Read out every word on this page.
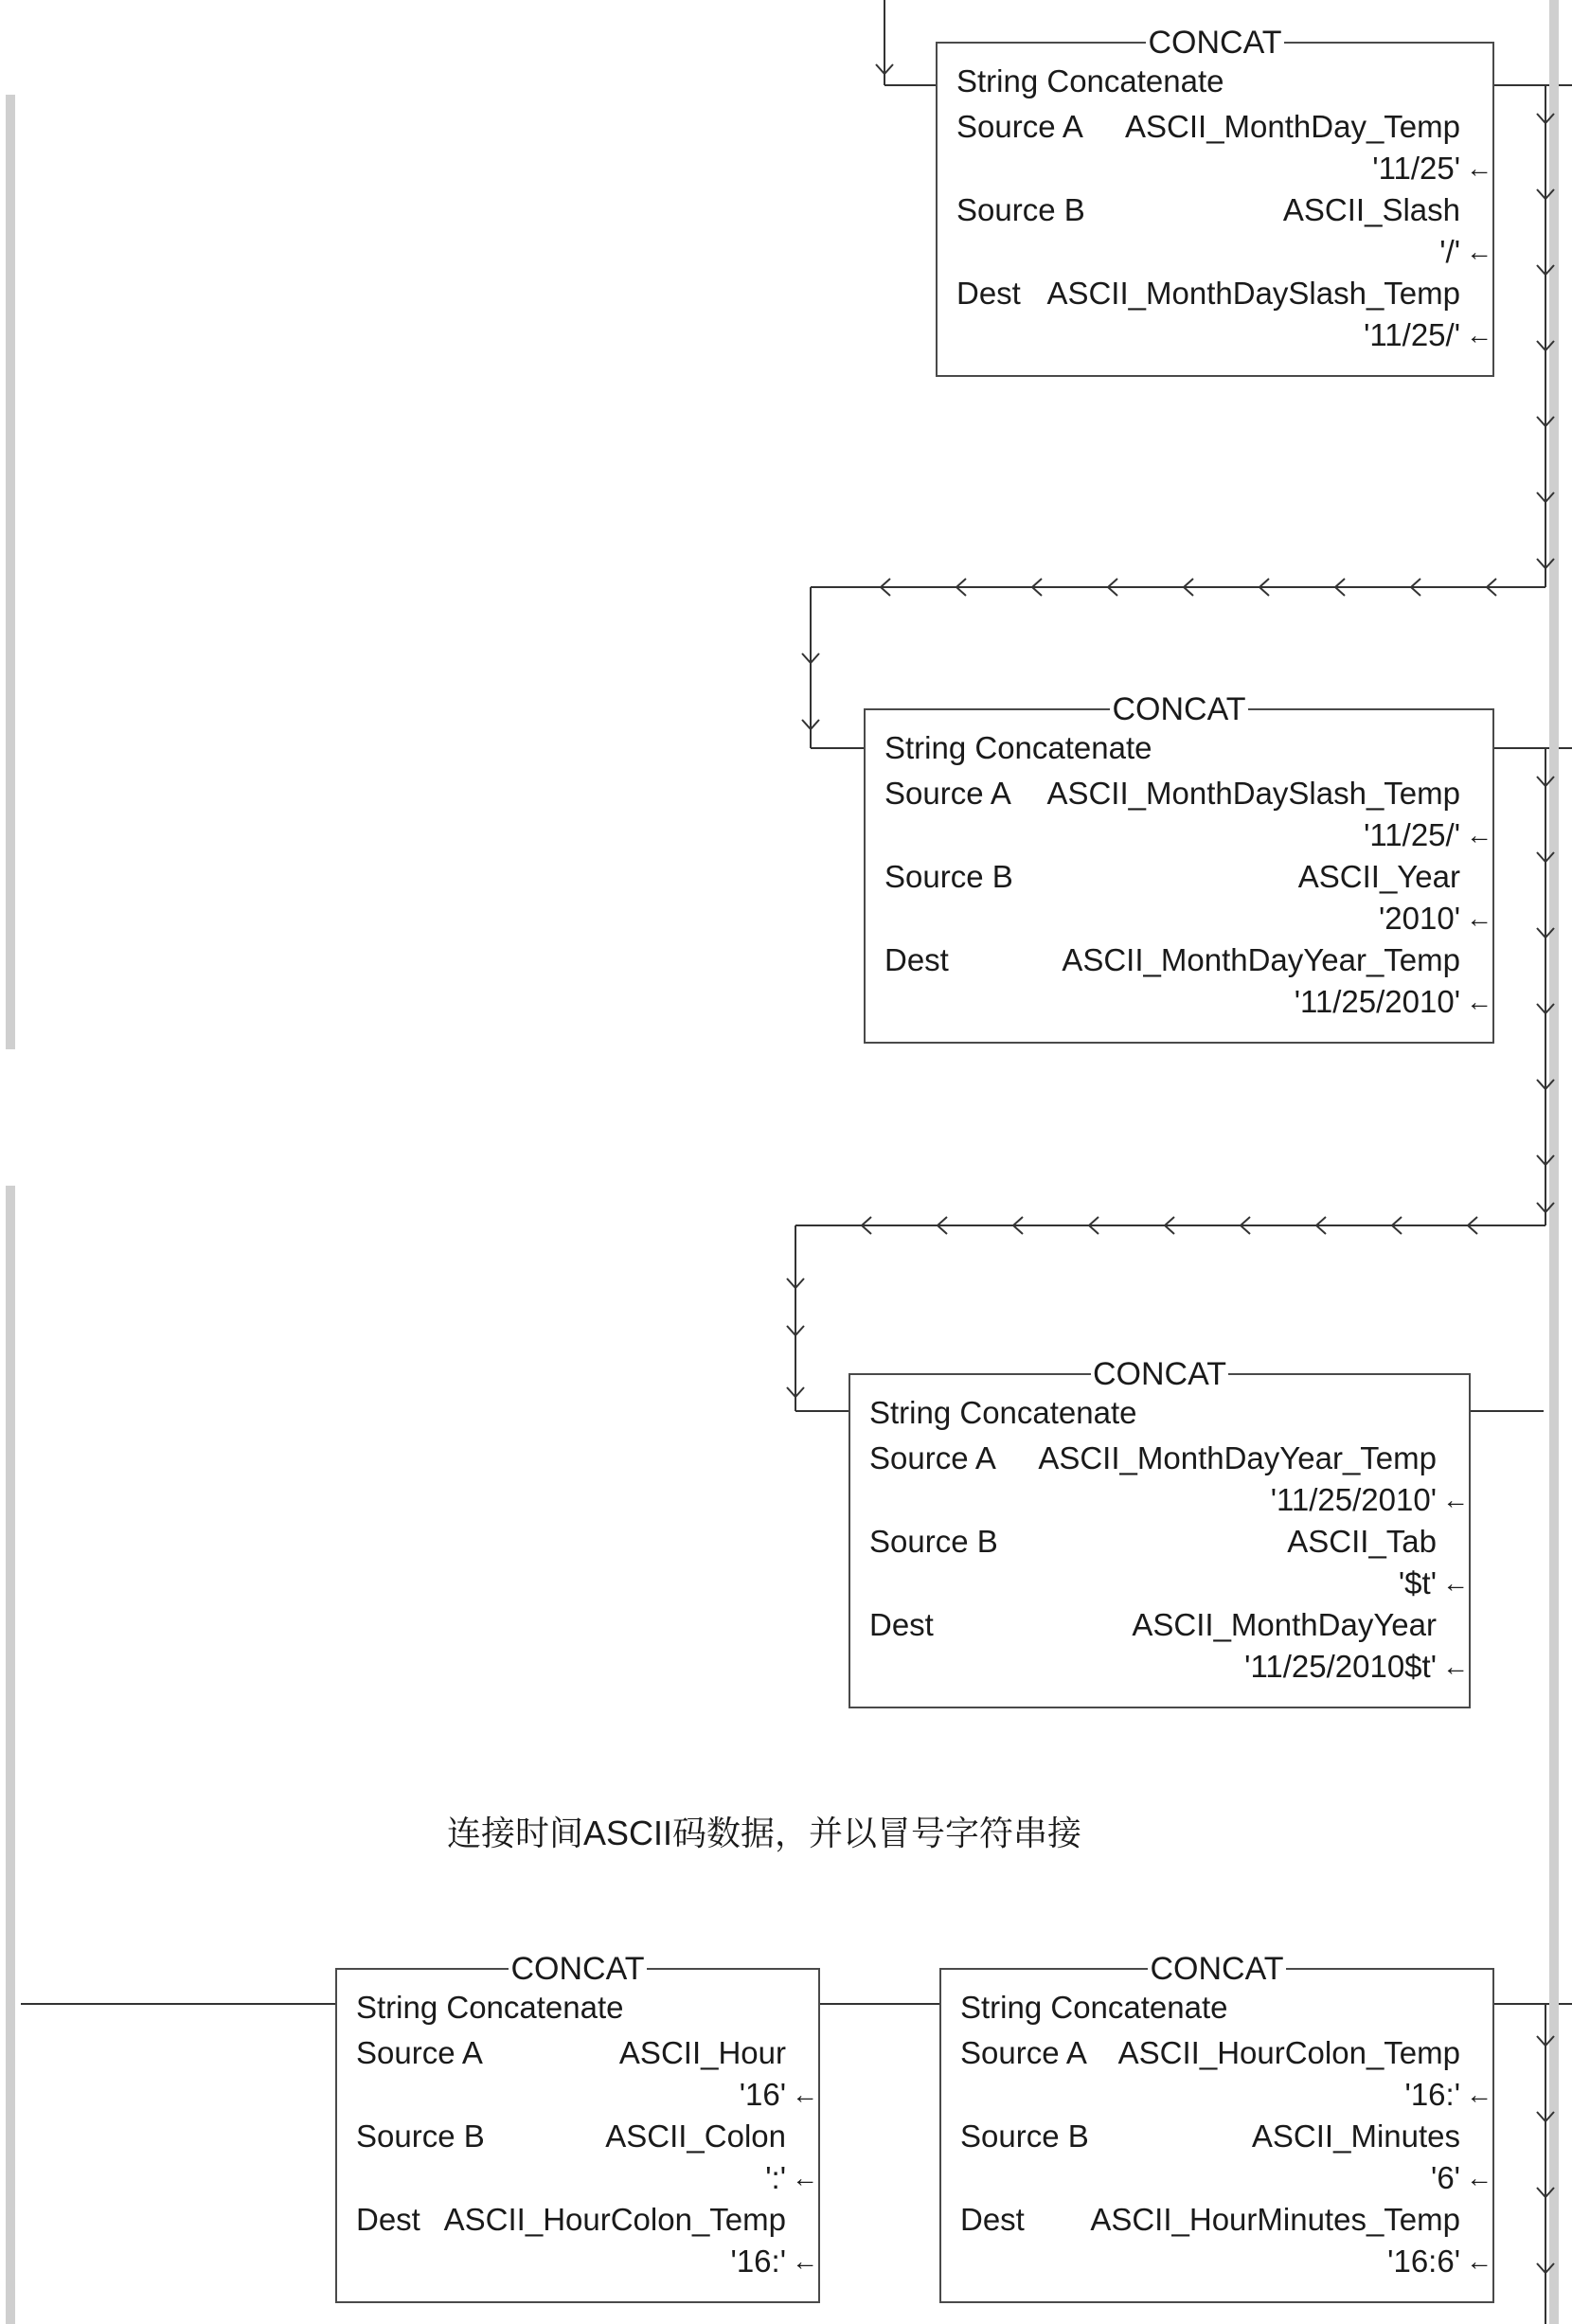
CONCAT
String Concatenate
Source A ASCII_MonthDay_Temp
'11/25' ←
Source B	ASCII_Slash
'/' ←
Dest ASCII_MonthDaySlash_Temp
'11/25/' ←
CONCAT
String Concatenate
Source A ASCII_MonthDaySlash_Temp
'11/25/' ←
Source B	ASCII_Year
'2010' ←
Dest	ASCII_MonthDayYear_Temp
'11/25/2010' ←
CONCAT
String Concatenate
Source A ASCII_MonthDayYear_Temp
'11/25/2010' ←
Source B	ASCII_Tab
'$t' ←
Dest	ASCII_MonthDayYear
'11/25/2010$t' ←
连接时间ASCII码数据，并以冒号字符串接
CONCAT
String Concatenate
Source A	ASCII_Hour
'16' ←
Source B	ASCII_Colon
':' ←
Dest ASCII_HourColon_Temp
'16:' ←
CONCAT
String Concatenate
Source A ASCII_HourColon_Temp
'16:' ←
Source B	ASCII_Minutes
'6' ←
Dest ASCII_HourMinutes_Temp
'16:6' ←
